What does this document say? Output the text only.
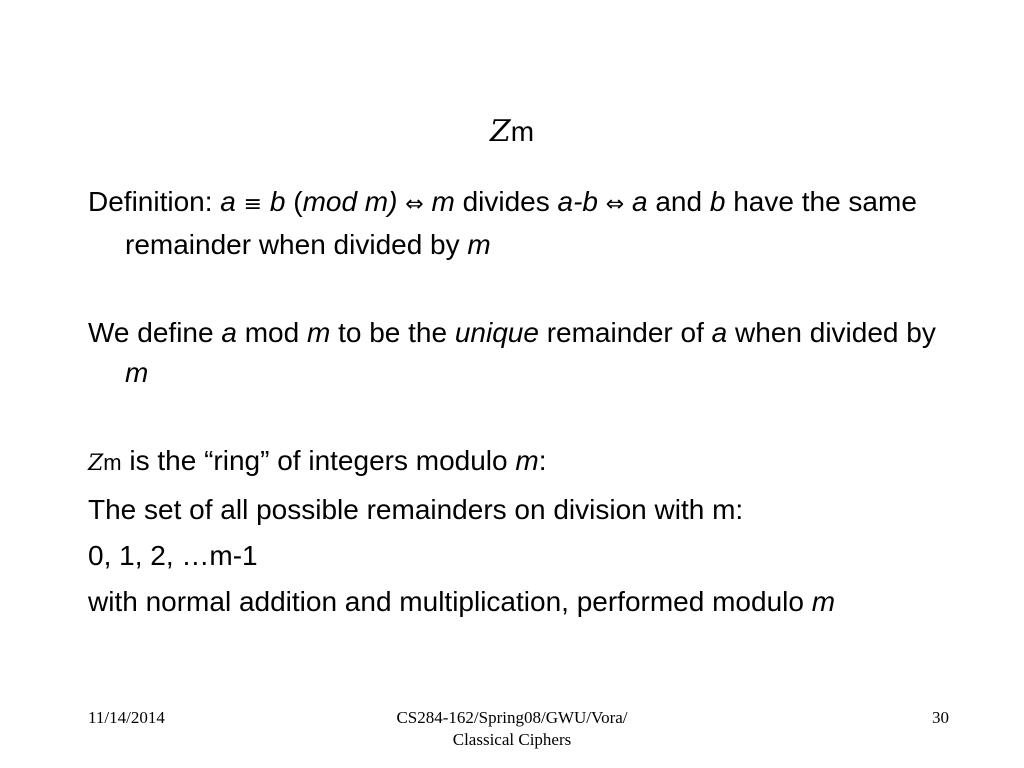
Zm

Definition: a ≡ b (mod m) ⇔ m divides a-b ⇔ a and b have the same remainder when divided by m

We define a mod m to be the unique remainder of a when divided by m

Zm is the “ring” of integers modulo m:

The set of all possible remainders on division with m:

0, 1, 2, …m-1

with normal addition and multiplication, performed modulo m

11/14/2014	CS284-162/Spring08/GWU/Vora/
Classical Ciphers
30
